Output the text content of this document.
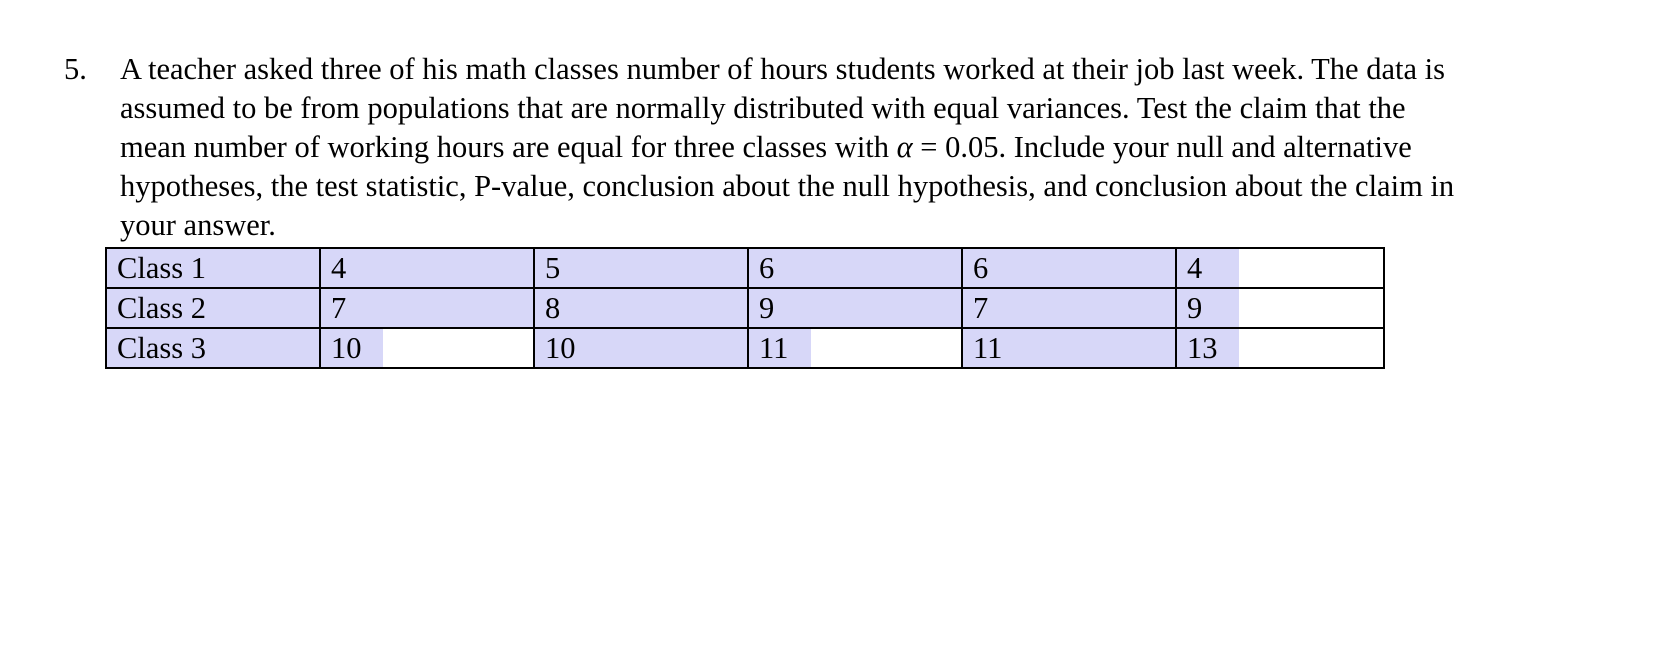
5. A teacher asked three of his math classes number of hours students worked at their job last week. The data is
assumed to be from populations that are normally distributed with equal variances. Test the claim that the
mean number of working hours are equal for three classes with α = 0.05. Include your null and alternative
hypotheses, the test statistic, P-value, conclusion about the null hypothesis, and conclusion about the claim in
your answer.
Class 1	4	5	6	6	4
Class 2	7	8	9	7	9
Class 3	10	10	11	11	13
